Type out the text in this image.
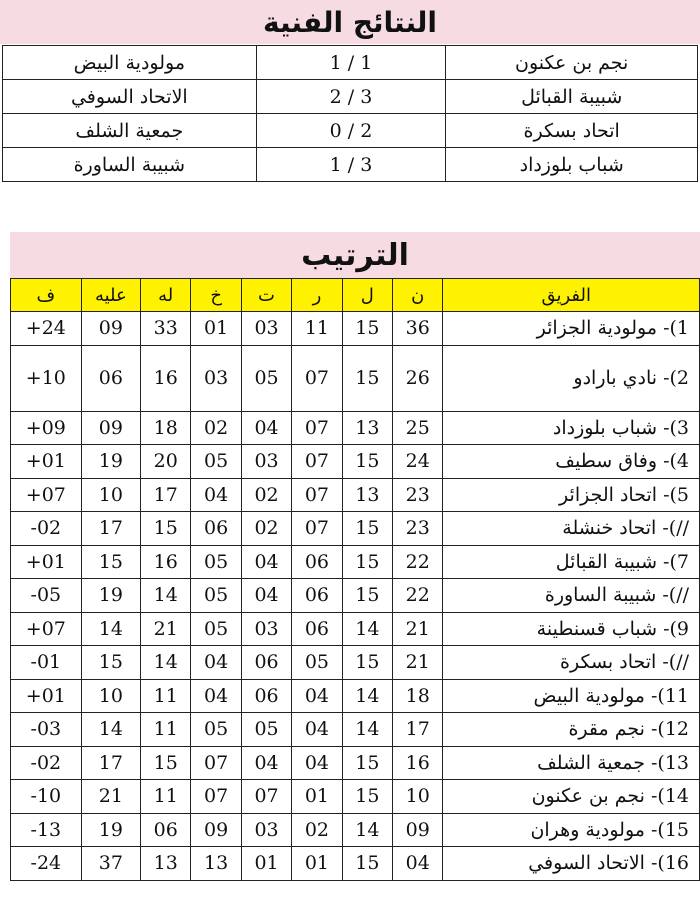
النتائج الفنية
نجم بن عكنون	1 / 1	مولودية البيض
شبيبة القبائل	2 / 3	الاتحاد السوفي
اتحاد بسكرة	0 / 2	جمعية الشلف
شباب بلوزداد	1 / 3	شبيبة الساورة
الترتيب
الفريق	ن	ل	ر	ت	خ	له	عليه	ف
1)- مولودية الجزائر	36	15	11	03	01	33	09	24+
2)- نادي بارادو	26	15	07	05	03	16	06	10+
3)- شباب بلوزداد	25	13	07	04	02	18	09	09+
4)- وفاق سطيف	24	15	07	03	05	20	19	01+
5)- اتحاد الجزائر	23	13	07	02	04	17	10	07+
//)- اتحاد خنشلة	23	15	07	02	06	15	17	02-
7)- شبيبة القبائل	22	15	06	04	05	16	15	01+
//)- شبيبة الساورة	22	15	06	04	05	14	19	05-
9)- شباب قسنطينة	21	14	06	03	05	21	14	07+
//)- اتحاد بسكرة	21	15	05	06	04	14	15	01-
11)- مولودية البيض	18	14	04	06	04	11	10	01+
12)- نجم مقرة	17	14	04	05	05	11	14	03-
13)- جمعية الشلف	16	15	04	04	07	15	17	02-
14)- نجم بن عكنون	10	15	01	07	07	11	21	10-
15)- مولودية وهران	09	14	02	03	09	06	19	13-
16)- الاتحاد السوفي	04	15	01	01	13	13	37	24-
